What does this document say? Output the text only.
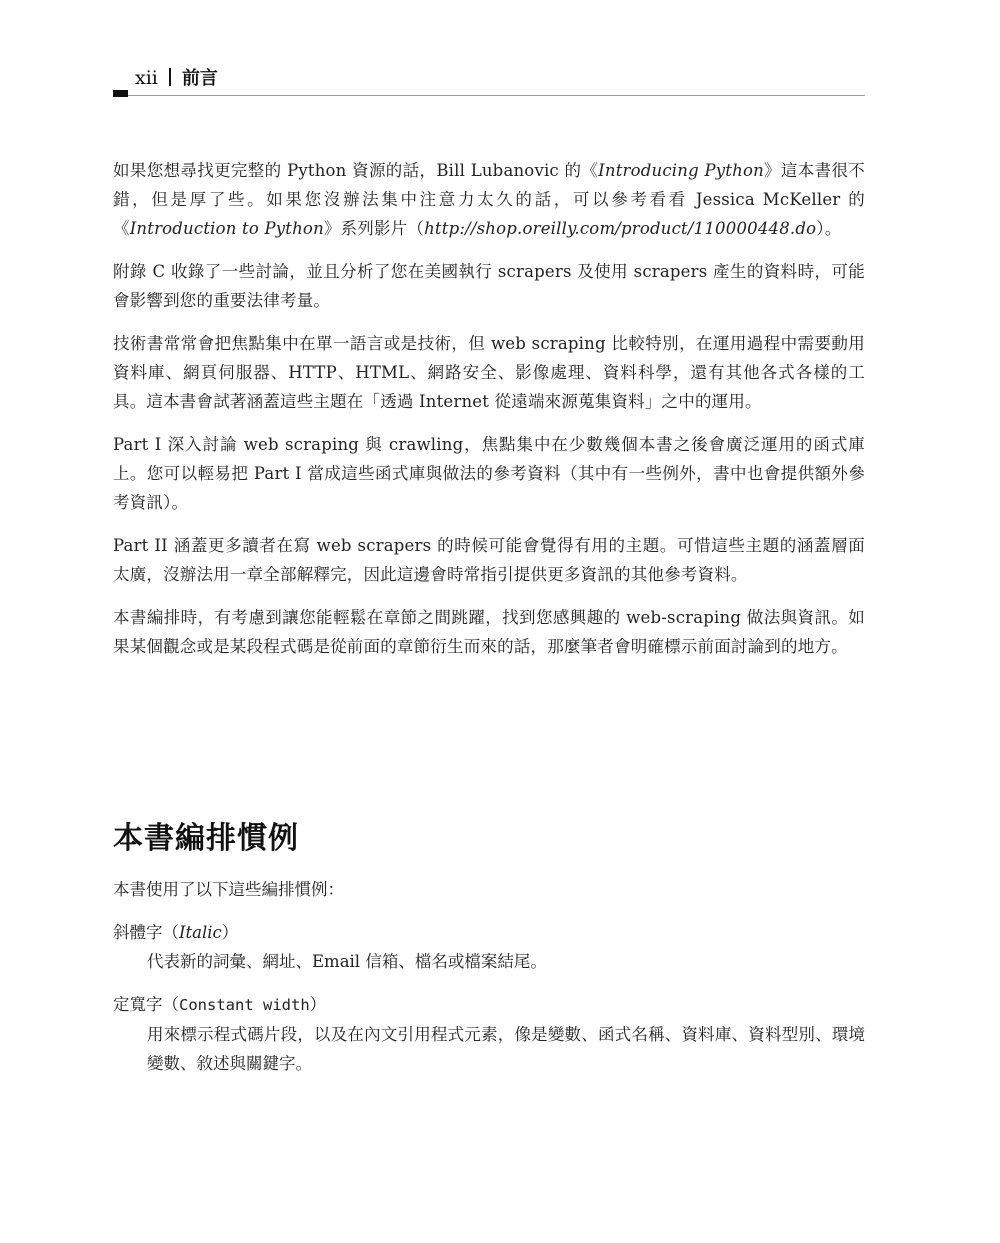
xii 前言

如果您想尋找更完整的 Python 資源的話，Bill Lubanovic 的《Introducing Python》這本書很不錯，但是厚了些。如果您沒辦法集中注意力太久的話，可以參考看看 Jessica McKeller 的《Introduction to Python》系列影片（http://shop.oreilly.com/product/110000448.do）。

附錄 C 收錄了一些討論，並且分析了您在美國執行 scrapers 及使用 scrapers 產生的資料時，可能會影響到您的重要法律考量。

技術書常常會把焦點集中在單一語言或是技術，但 web scraping 比較特別，在運用過程中需要動用資料庫、網頁伺服器、HTTP、HTML、網路安全、影像處理、資料科學，還有其他各式各樣的工具。這本書會試著涵蓋這些主題在「透過 Internet 從遠端來源蒐集資料」之中的運用。

Part I 深入討論 web scraping 與 crawling，焦點集中在少數幾個本書之後會廣泛運用的函式庫上。您可以輕易把 Part I 當成這些函式庫與做法的參考資料（其中有一些例外，書中也會提供額外參考資訊）。

Part II 涵蓋更多讀者在寫 web scrapers 的時候可能會覺得有用的主題。可惜這些主題的涵蓋層面太廣，沒辦法用一章全部解釋完，因此這邊會時常指引提供更多資訊的其他參考資料。

本書編排時，有考慮到讓您能輕鬆在章節之間跳躍，找到您感興趣的 web-scraping 做法與資訊。如果某個觀念或是某段程式碼是從前面的章節衍生而來的話，那麼筆者會明確標示前面討論到的地方。

本書編排慣例

本書使用了以下這些編排慣例：

斜體字（Italic）

代表新的詞彙、網址、Email 信箱、檔名或檔案結尾。

定寬字（Constant width）

用來標示程式碼片段，以及在內文引用程式元素，像是變數、函式名稱、資料庫、資料型別、環境變數、敘述與關鍵字。
